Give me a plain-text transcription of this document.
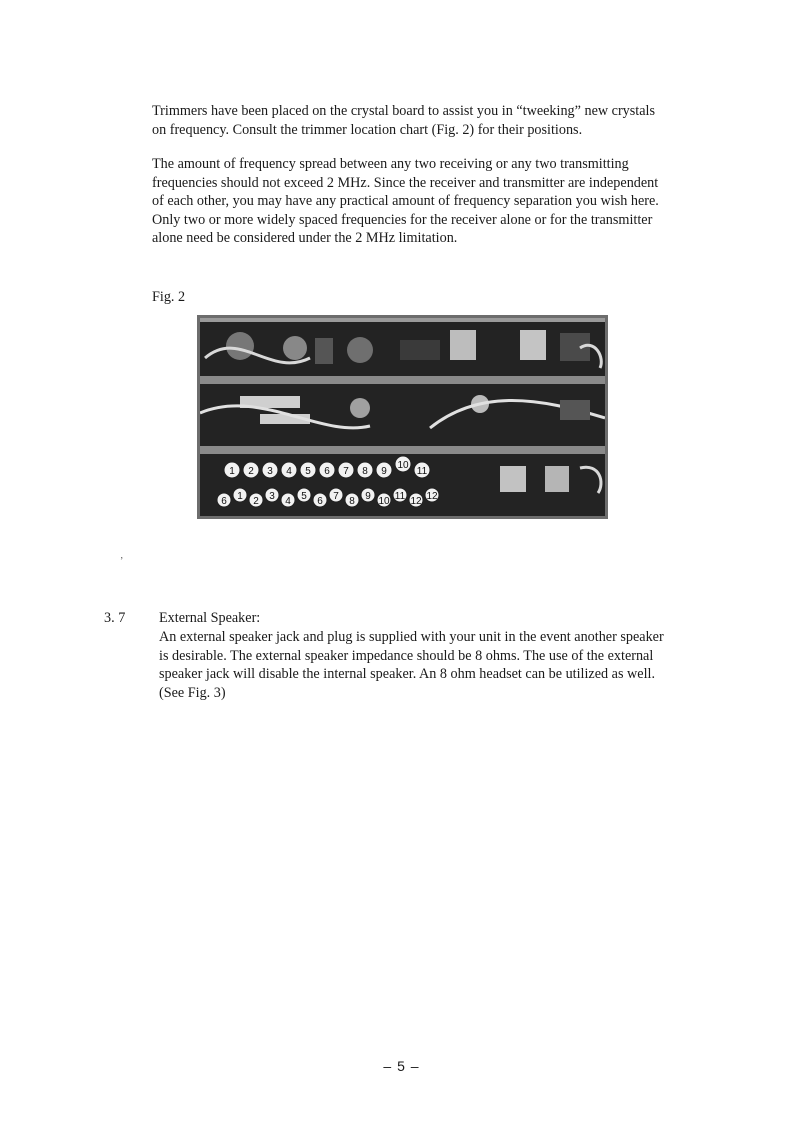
Trimmers have been placed on the crystal board to assist you in “tweeking” new crystals
on frequency. Consult the trimmer location chart (Fig. 2) for their positions.
The amount of frequency spread between any two receiving or any two transmitting
frequencies should not exceed 2 MHz. Since the receiver and transmitter are independent
of each other, you may have any practical amount of frequency separation you wish here.
Only two or more widely spaced frequencies for the receiver alone or for the transmitter
alone need be considered under the 2 MHz limitation.
Fig. 2
1 2 3 4 5 6 7 8 9
10
11
6 1 2 3 4 5 6 7 8 9 10 11 12 12
’
3. 7 External Speaker:
An external speaker jack and plug is supplied with your unit in the event another speaker
is desirable. The external speaker impedance should be 8 ohms. The use of the external
speaker jack will disable the internal speaker. An 8 ohm headset can be utilized as well.
(See Fig. 3)
– 5 –
